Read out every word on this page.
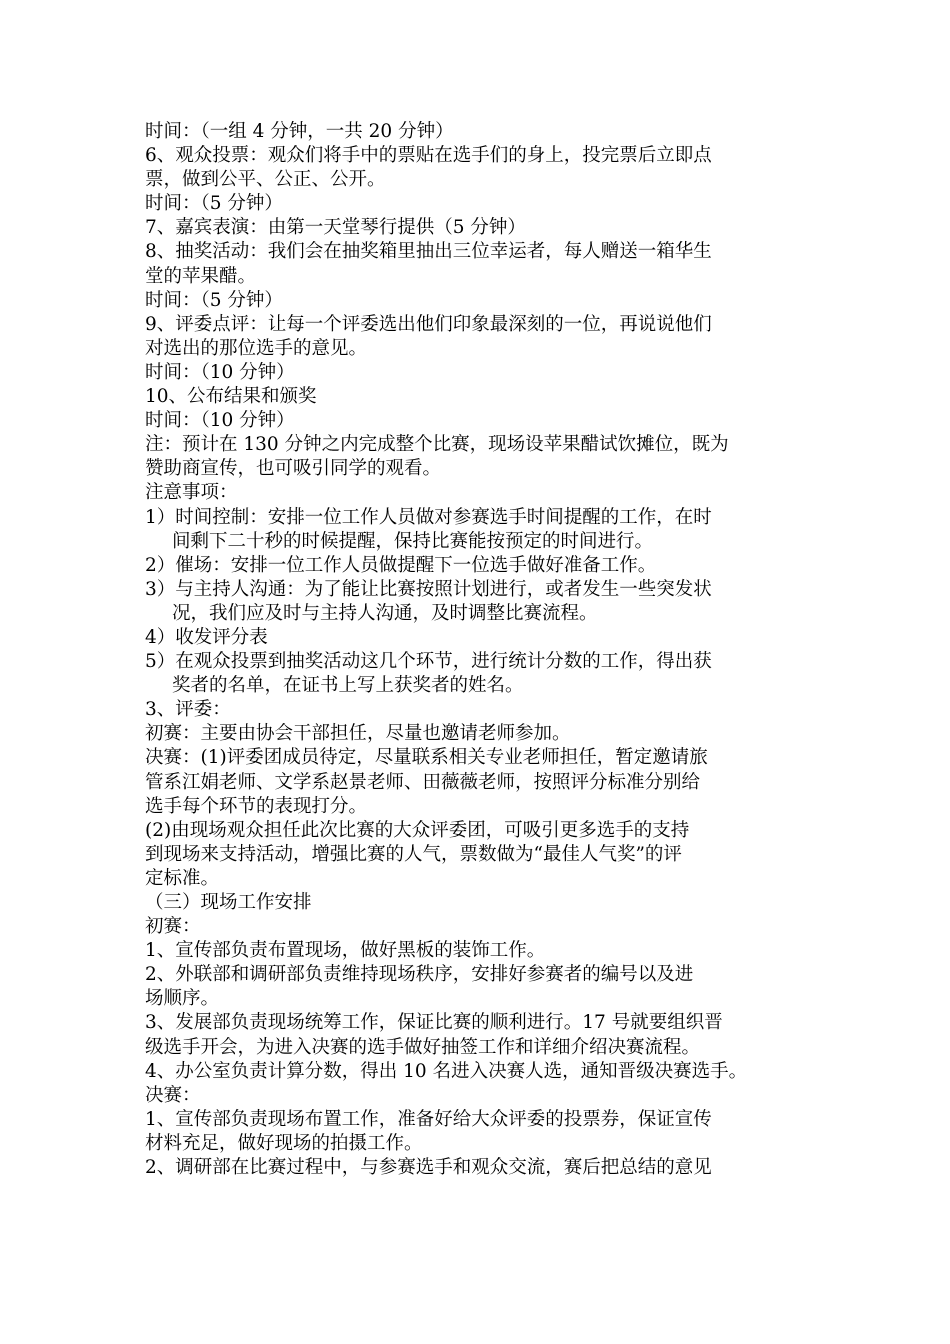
时间：（一组 4 分钟，一共 20 分钟）
6、观众投票：观众们将手中的票贴在选手们的身上，投完票后立即点
票，做到公平、公正、公开。
时间：（5 分钟）
7、嘉宾表演：由第一天堂琴行提供（5 分钟）
8、抽奖活动：我们会在抽奖箱里抽出三位幸运者，每人赠送一箱华生
堂的苹果醋。
时间：（5 分钟）
9、评委点评：让每一个评委选出他们印象最深刻的一位，再说说他们
对选出的那位选手的意见。
时间：（10 分钟）
10、公布结果和颁奖
时间：（10 分钟）
注：预计在 130 分钟之内完成整个比赛，现场设苹果醋试饮摊位，既为
赞助商宣传，也可吸引同学的观看。
注意事项：
1）时间控制：安排一位工作人员做对参赛选手时间提醒的工作，在时
间剩下二十秒的时候提醒，保持比赛能按预定的时间进行。
2）催场：安排一位工作人员做提醒下一位选手做好准备工作。
3）与主持人沟通：为了能让比赛按照计划进行，或者发生一些突发状
况，我们应及时与主持人沟通，及时调整比赛流程。
4）收发评分表
5）在观众投票到抽奖活动这几个环节，进行统计分数的工作，得出获
奖者的名单，在证书上写上获奖者的姓名。
3、评委：
初赛：主要由协会干部担任，尽量也邀请老师参加。
决赛：(1)评委团成员待定，尽量联系相关专业老师担任，暂定邀请旅
管系江娟老师、文学系赵景老师、田薇薇老师，按照评分标准分别给
选手每个环节的表现打分。
(2)由现场观众担任此次比赛的大众评委团，可吸引更多选手的支持
到现场来支持活动，增强比赛的人气，票数做为“最佳人气奖”的评
定标准。
（三）现场工作安排
初赛：
1、宣传部负责布置现场，做好黑板的装饰工作。
2、外联部和调研部负责维持现场秩序，安排好参赛者的编号以及进
场顺序。
3、发展部负责现场统筹工作，保证比赛的顺利进行。17 号就要组织晋
级选手开会，为进入决赛的选手做好抽签工作和详细介绍决赛流程。
4、办公室负责计算分数，得出 10 名进入决赛人选，通知晋级决赛选手。
决赛：
1、宣传部负责现场布置工作，准备好给大众评委的投票券，保证宣传
材料充足，做好现场的拍摄工作。
2、调研部在比赛过程中，与参赛选手和观众交流，赛后把总结的意见
